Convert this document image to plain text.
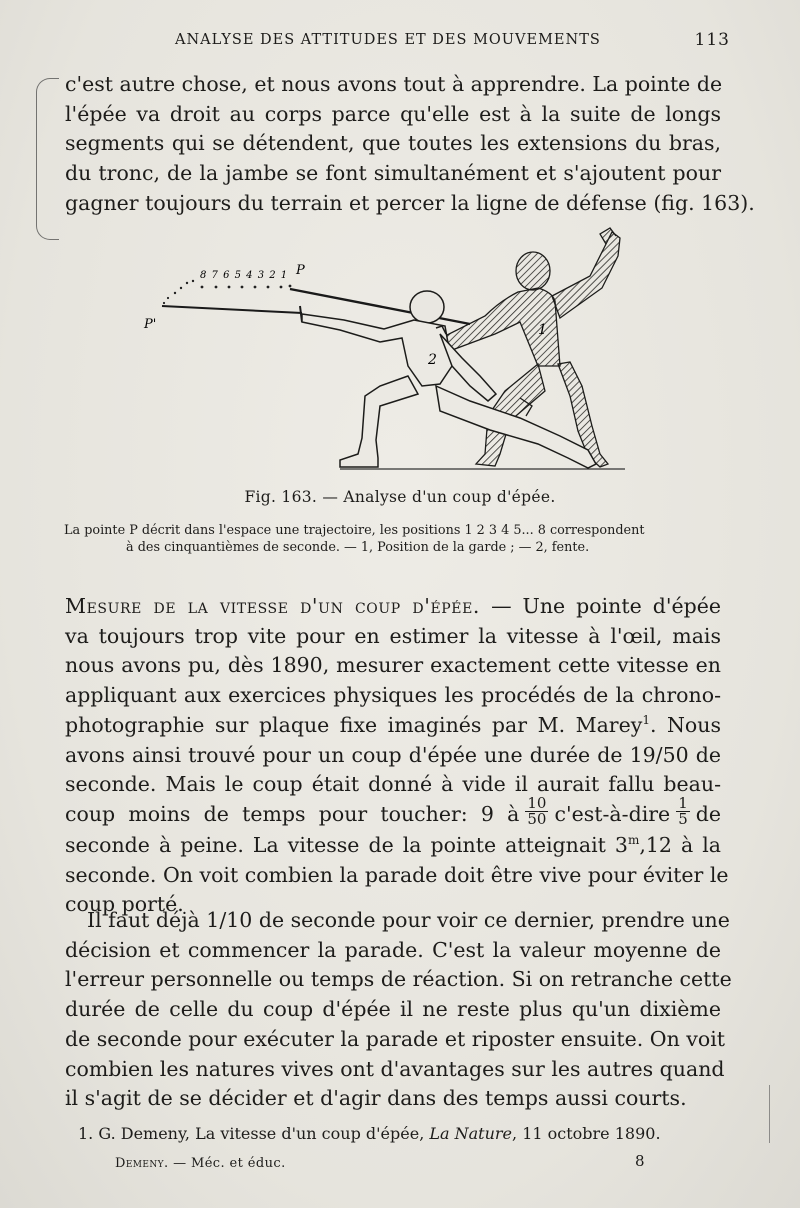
ANALYSE DES ATTITUDES ET DES MOUVEMENTS	113

c'est autre chose, et nous avons tout à apprendre. La pointe de
l'épée va droit au corps parce qu'elle est à la suite de longs
segments qui se détendent, que toutes les extensions du bras,
du tronc, de la jambe se font simultanément et s'ajoutent pour
gagner toujours du terrain et percer la ligne de défense (fig. 163).

8 7 6 5 4 3 2 1 P
P'	1
2
Fig. 163. — Analyse d'un coup d'épée.
La pointe P décrit dans l'espace une trajectoire, les positions 1 2 3 4 5... 8 correspondent
à des cinquantièmes de seconde. — 1, Position de la garde ; — 2, fente.
Mesure de la vitesse d'un coup d'épée. — Une pointe d'épée
va toujours trop vite pour en estimer la vitesse à l'œil, mais
nous avons pu, dès 1890, mesurer exactement cette vitesse en
appliquant aux exercices physiques les procédés de la chrono-
photographie sur plaque fixe imaginés par M. Marey$^1$. Nous
avons ainsi trouvé pour un coup d'épée une durée de 19/50 de
seconde. Mais le coup était donné à vide il aurait fallu beau-
coup moins de temps pour toucher: 9 à $\frac{10}{50}$ c'est-à-dire $\frac{1}{5}$ de
seconde à peine. La vitesse de la pointe atteignait 3$^m$,12 à la
seconde. On voit combien la parade doit être vive pour éviter le
coup porté.

Il faut déjà 1/10 de seconde pour voir ce dernier, prendre une
décision et commencer la parade. C'est la valeur moyenne de
l'erreur personnelle ou temps de réaction. Si on retranche cette
durée de celle du coup d'épée il ne reste plus qu'un dixième
de seconde pour exécuter la parade et riposter ensuite. On voit
combien les natures vives ont d'avantages sur les autres quand
il s'agit de se décider et d'agir dans des temps aussi courts.

1. G. Demeny, La vitesse d'un coup d'épée, La Nature, 11 octobre 1890.
Demeny. — Méc. et éduc.	8
